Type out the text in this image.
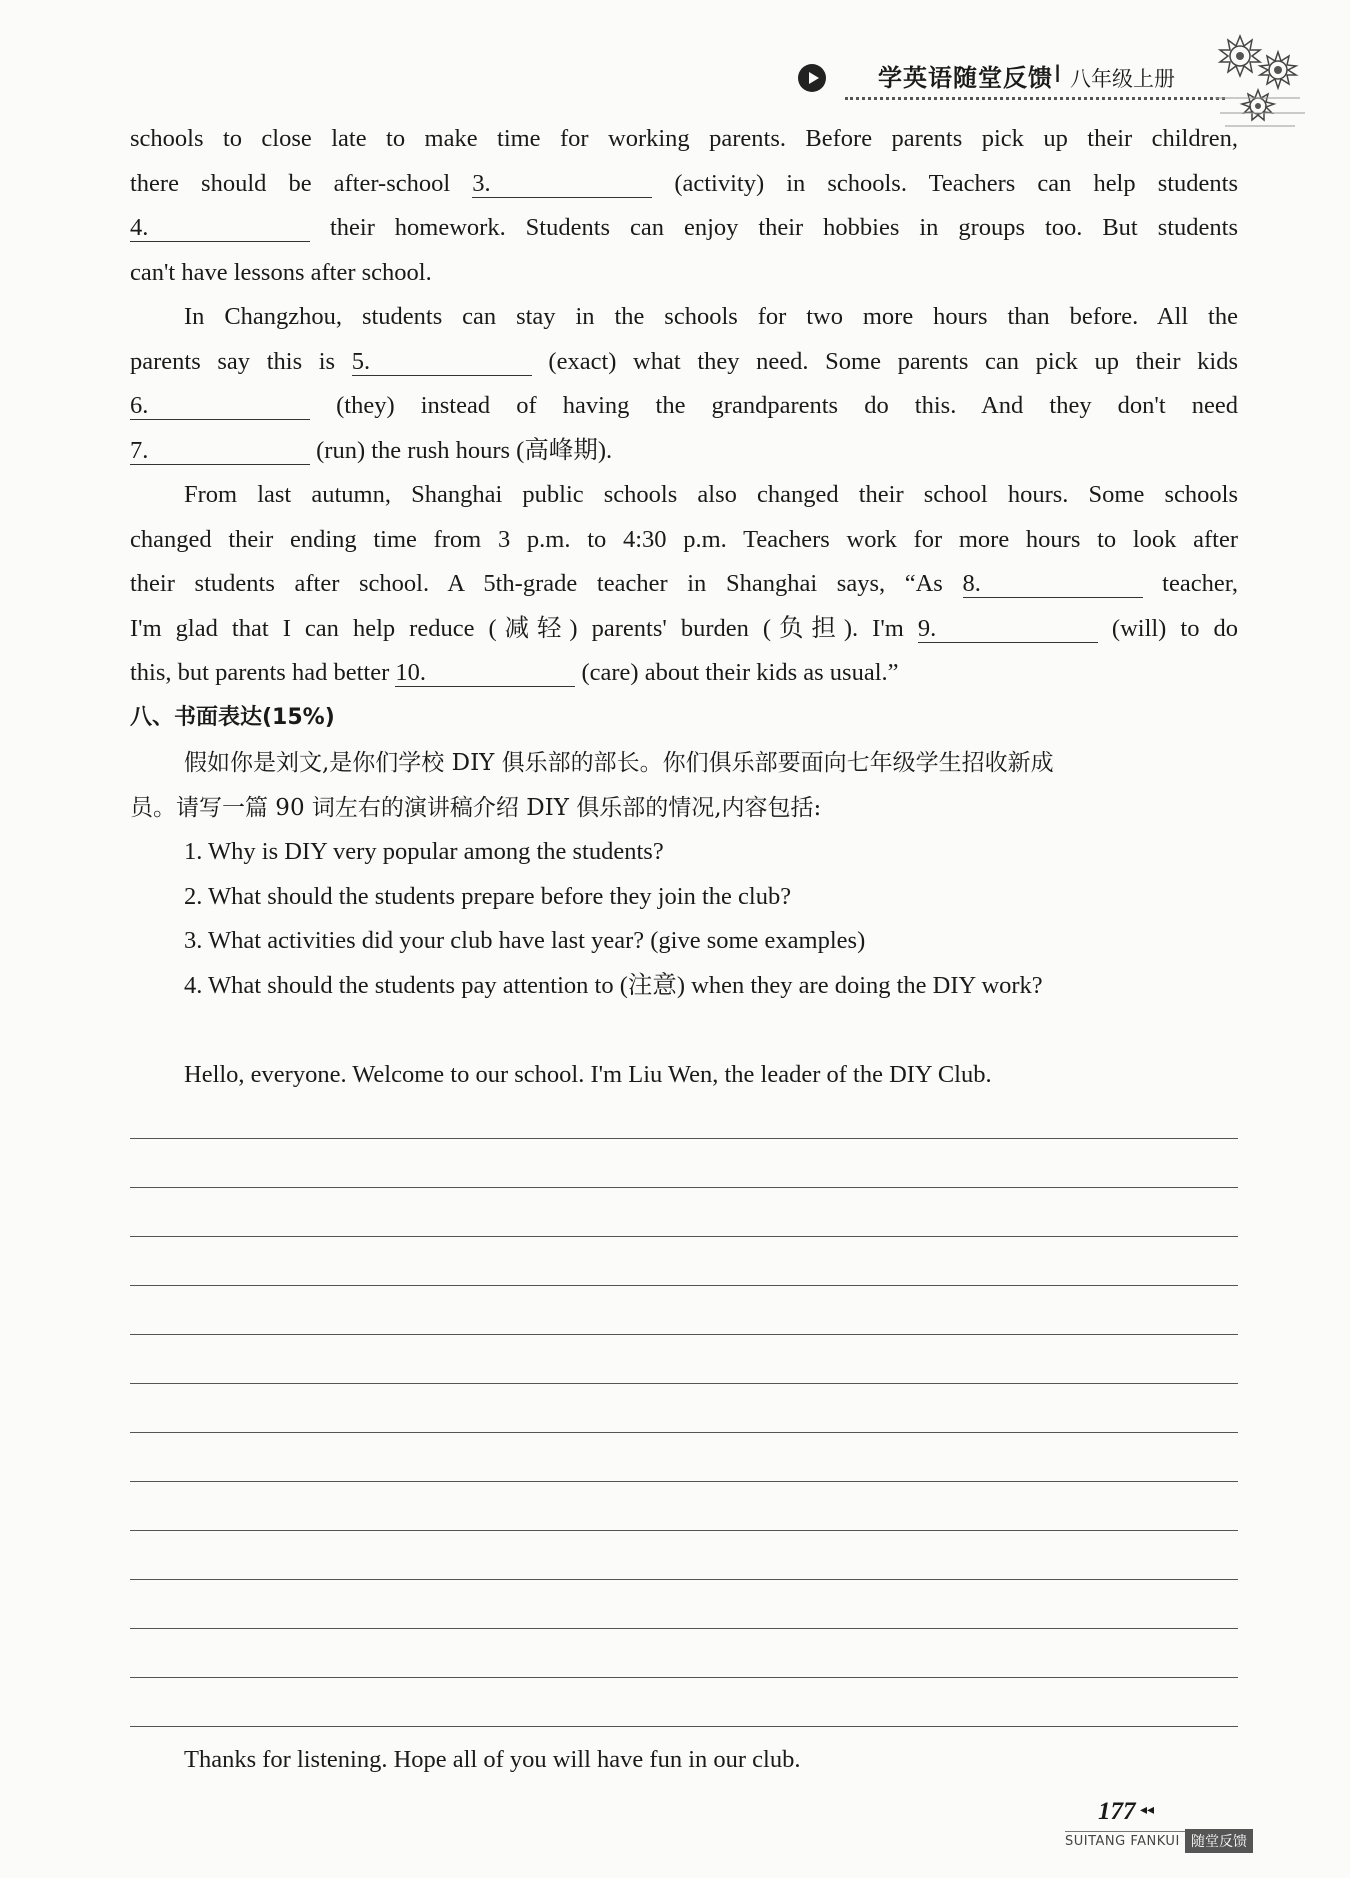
学英语随堂反馈 I 八年级上册
schools to close late to make time for working parents. Before parents pick up their children,
there should be after-school 3.	(activity) in schools. Teachers can help students
4.	their homework. Students can enjoy their hobbies in groups too. But students
can't have lessons after school.
In Changzhou, students can stay in the schools for two more hours than before. All the
parents say this is 5.	(exact) what they need. Some parents can pick up their kids
6.	(they) instead of having the grandparents do this. And they don't need
7.	(run) the rush hours (高峰期).
From last autumn, Shanghai public schools also changed their school hours. Some schools
changed their ending time from 3 p.m. to 4:30 p.m. Teachers work for more hours to look after
their students after school. A 5th-grade teacher in Shanghai says, “As 8.	teacher,
I'm glad that I can help reduce (减轻) parents' burden (负担). I'm 9.	(will) to do
this, but parents had better 10.	(care) about their kids as usual.”
八、书面表达(15%)
假如你是刘文,是你们学校 DIY 俱乐部的部长。你们俱乐部要面向七年级学生招收新成
员。请写一篇 90 词左右的演讲稿介绍 DIY 俱乐部的情况,内容包括:
1. Why is DIY very popular among the students?
2. What should the students prepare before they join the club?
3. What activities did your club have last year? (give some examples)
4. What should the students pay attention to (注意) when they are doing the DIY work?
Hello, everyone. Welcome to our school. I'm Liu Wen, the leader of the DIY Club.
Thanks for listening. Hope all of you will have fun in our club.
177 ◂◂
SUITANG FANKUI 随堂反馈
